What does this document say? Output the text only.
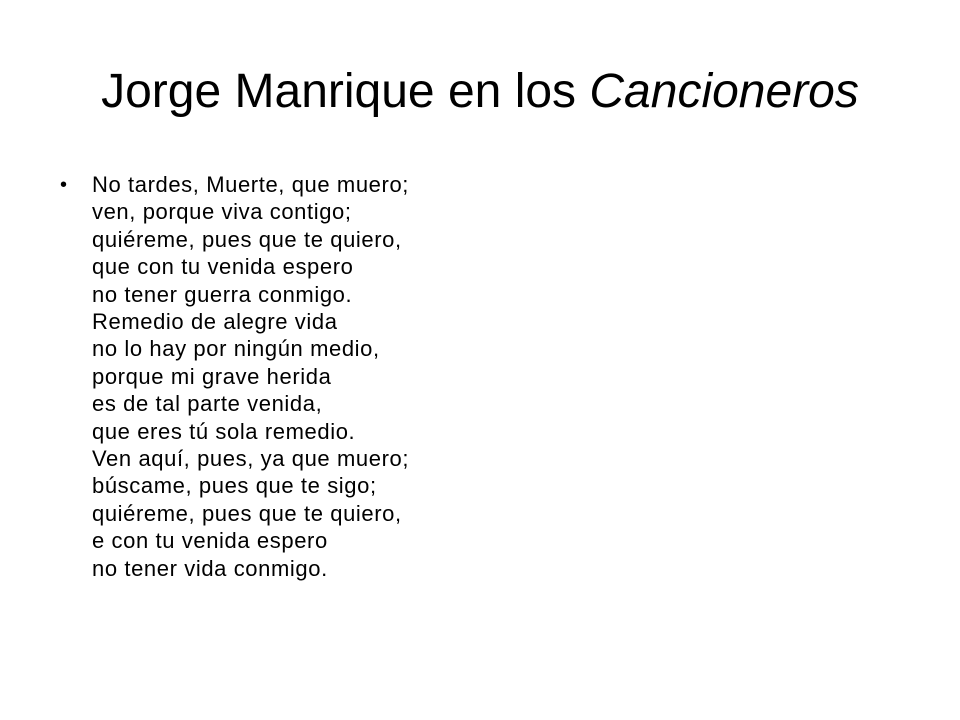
Jorge Manrique en los Cancioneros
• No tardes, Muerte, que muero;
ven, porque viva contigo;
quiéreme, pues que te quiero,
que con tu venida espero
no tener guerra conmigo.
Remedio de alegre vida
no lo hay por ningún medio,
porque mi grave herida
es de tal parte venida,
que eres tú sola remedio.
Ven aquí, pues, ya que muero;
búscame, pues que te sigo;
quiéreme, pues que te quiero,
e con tu venida espero
no tener vida conmigo.
